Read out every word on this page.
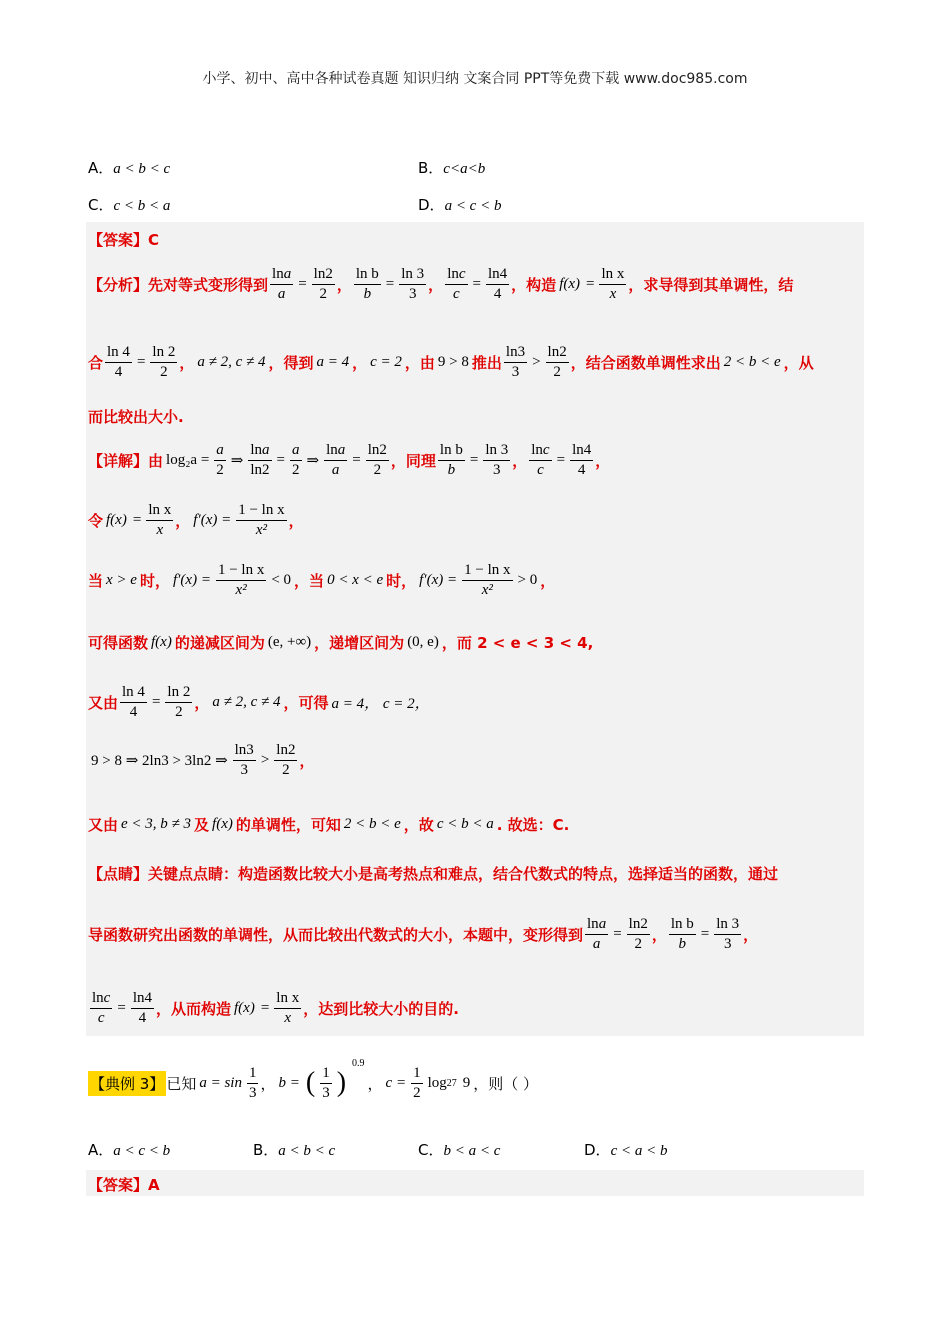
小学、初中、高中各种试卷真题 知识归纳 文案合同 PPT等免费下载 www.doc985.com
A．a < b < c	B．c<a<b
C．c < b < a	D．a < c < b
【答案】C
【分析】 先对等式变形得到 $\frac{\ln a}{a} = \frac{\ln 2}{2}$ ， $\frac{\text{ln b}}{b} = \frac{\ln 3}{3}$ ， $\frac{\ln c}{c} = \frac{\ln 4}{4}$ ，构造 $f(x) = \frac{\text{ln x}}{x}$ ，求导得到其单调性，结
合 $\frac{\ln 4}{4} = \frac{\ln 2}{2}$ ， a ≠ 2, c ≠ 4 ，得到 a = 4 ， c = 2 ，由 9 > 8 推出 $\frac{\ln 3}{3} > \frac{\ln 2}{2}$ ，结合函数单调性求出 2 < b < e ，从
而比较出大小.
【详解】 由 $\log_2a = \frac{a}{2}$ ⇒ $\frac{\ln a}{\ln 2} = \frac{a}{2}$ ⇒ $\frac{\ln a}{a} = \frac{\ln 2}{2}$ ，同理 $\frac{\text{ln b}}{b} = \frac{\ln 3}{3}$ ， $\frac{\ln c}{c} = \frac{\ln 4}{4}$ ，
令 $f(x) = \frac{\text{ln x}}{x}$ ， $f'(x) = \frac{\text{1 − ln x}}{\text{x²}}$ ，
当 x > e 时， $f'(x) = \frac{\text{1 − ln x}}{\text{x²}} < 0$ ，当 0 < x < e 时， $f'(x) = \frac{\text{1 − ln x}}{\text{x²}} > 0$ ，
可得函数 f(x) 的递减区间为 (e, +∞) ，递增区间为 (0, e) ，而 2 < e < 3 < 4,
又由 $\frac{\ln 4}{4} = \frac{\ln 2}{2}$ ， a ≠ 2, c ≠ 4 ，可得 a = 4， c = 2，
9 > 8 ⇒ 2ln3 > 3ln2 ⇒ $\frac{\ln 3}{3} > \frac{\ln 2}{2}$ ，
又由 e < 3, b ≠ 3 及 f(x) 的单调性，可知 2 < b < e ，故 c < b < a . 故选：C.
【点睛】 关键点点睛：构造函数比较大小是高考热点和难点，结合代数式的特点，选择适当的函数，通过
导函数研究出函数的单调性，从而比较出代数式的大小，本题中，变形得到 $\frac{\ln a}{a} = \frac{\ln 2}{2}$ ， $\frac{\text{ln b}}{b} = \frac{\ln 3}{3}$ ，
$\frac{\ln c}{c} = \frac{\ln 4}{4}$ ，从而构造 $f(x) = \frac{\text{ln x}}{x}$ ，达到比较大小的目的.
【典例 3】 已知 $a = \sin \frac{1}{3}$ ， b = ( $\frac{1}{3}$ )
$^{0.9}$
， $c = \frac{1}{2}$ log 27 9 ，则（ ）
A．a < c < b	B．a < b < c	C．b < a < c	D．c < a < b
【答案】A
